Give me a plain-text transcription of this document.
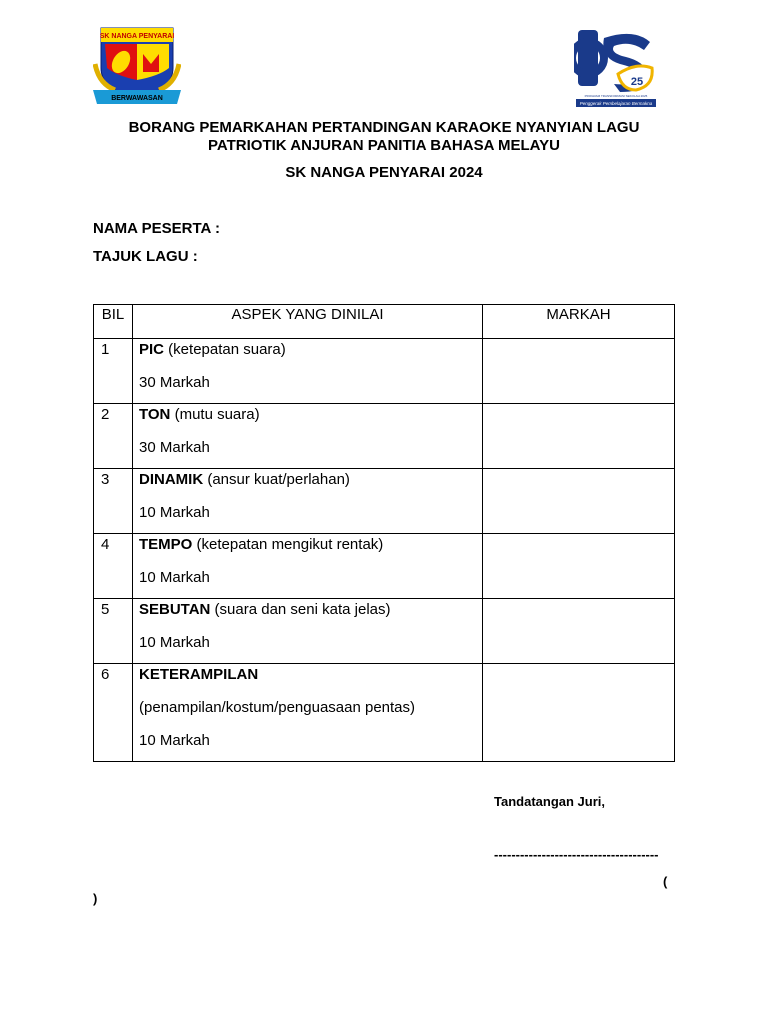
SK NANGA PENYARAI
BERWAWASAN
25
PROGRAM TRANSFORMASI SEKOLAH 2025
Penggerak Pembelajaran Bermakna
BORANG PEMARKAHAN PERTANDINGAN KARAOKE NYANYIAN LAGU
PATRIOTIK ANJURAN PANITIA BAHASA MELAYU
SK NANGA PENYARAI 2024
NAMA PESERTA :
TAJUK LAGU :
BIL	ASPEK YANG DINILAI	MARKAH
1	PIC (ketepatan suara)
30 Markah	

2	TON (mutu suara)
30 Markah	

3	DINAMIK (ansur kuat/perlahan)
10 Markah	

4	TEMPO (ketepatan mengikut rentak)
10 Markah	

5	SEBUTAN (suara dan seni kata jelas)
10 Markah	

6	KETERAMPILAN
(penampilan/kostum/penguasaan pentas)
10 Markah	

Tandatangan Juri,
--------------------------------------
(
)
